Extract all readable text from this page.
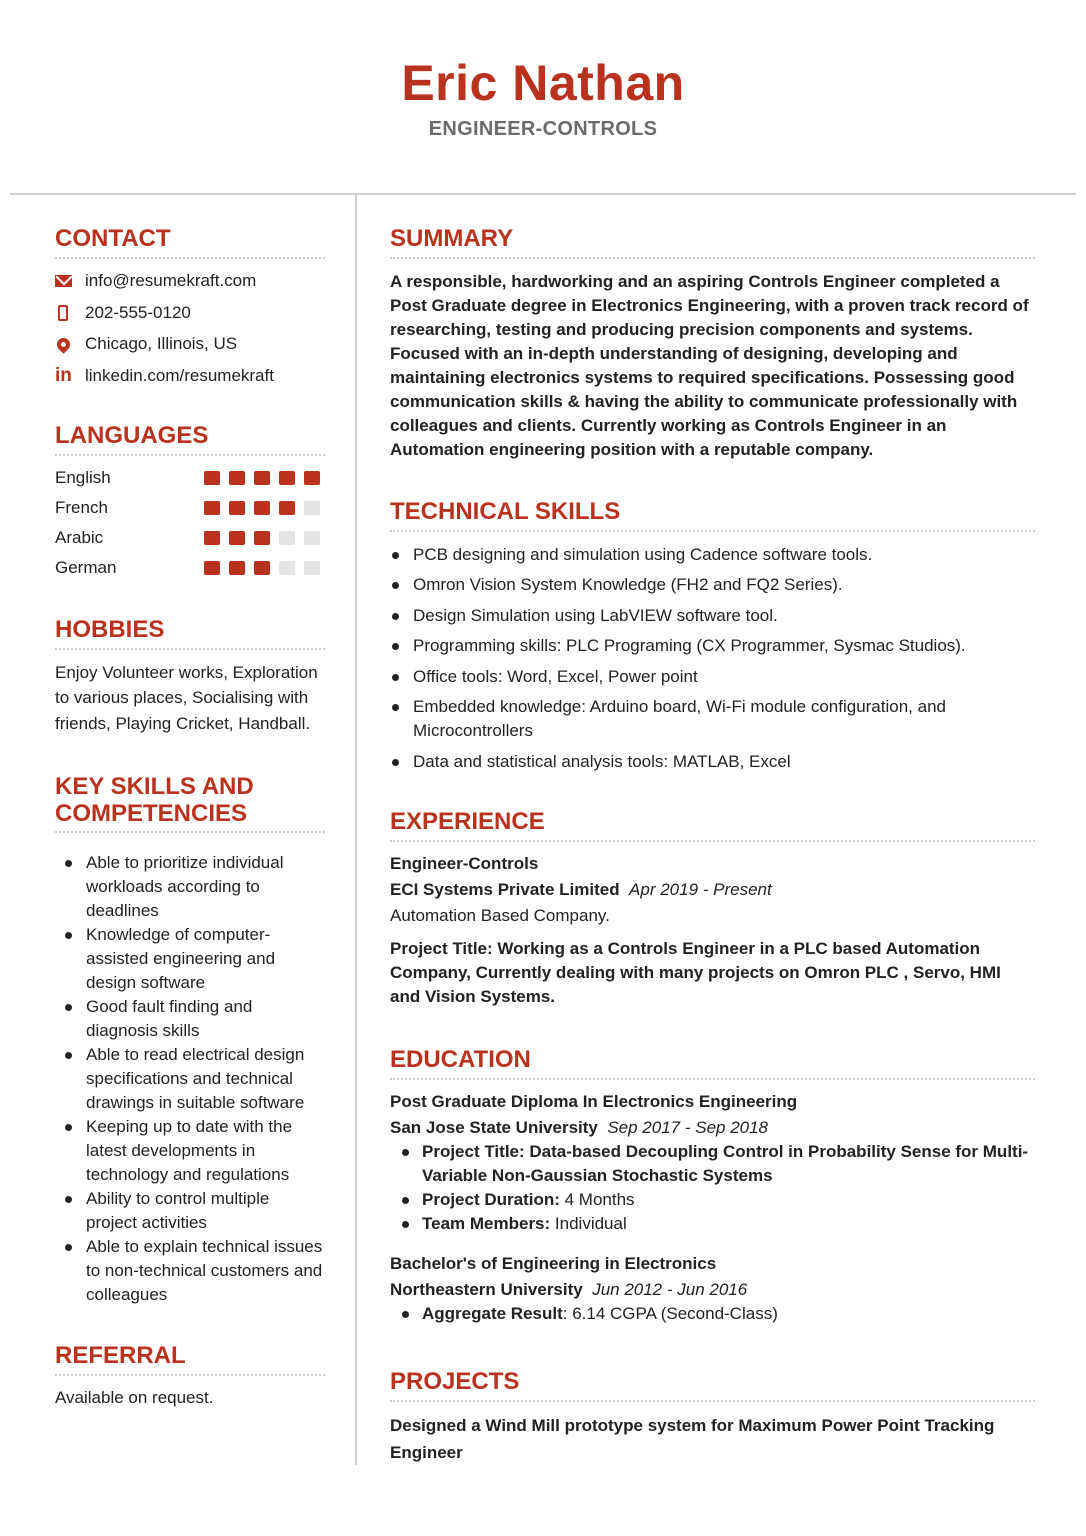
Eric Nathan
ENGINEER-CONTROLS
CONTACT
info@resumekraft.com
202-555-0120
Chicago, Illinois, US
in linkedin.com/resumekraft
LANGUAGES
English
French
Arabic
German
HOBBIES
Enjoy Volunteer works, Exploration to various places, Socialising with friends, Playing Cricket, Handball.
KEY SKILLS AND COMPETENCIES
Able to prioritize individual workloads according to deadlines
Knowledge of computer-assisted engineering and design software
Good fault finding and diagnosis skills
Able to read electrical design specifications and technical drawings in suitable software
Keeping up to date with the latest developments in technology and regulations
Ability to control multiple project activities
Able to explain technical issues to non-technical customers and colleagues
REFERRAL
Available on request.
SUMMARY
A responsible, hardworking and an aspiring Controls Engineer completed a Post Graduate degree in Electronics Engineering, with a proven track record of researching, testing and producing precision components and systems. Focused with an in-depth understanding of designing, developing and maintaining electronics systems to required specifications. Possessing good communication skills & having the ability to communicate professionally with colleagues and clients. Currently working as Controls Engineer in an Automation engineering position with a reputable company.
TECHNICAL SKILLS
PCB designing and simulation using Cadence software tools.
Omron Vision System Knowledge (FH2 and FQ2 Series).
Design Simulation using LabVIEW software tool.
Programming skills: PLC Programing (CX Programmer, Sysmac Studios).
Office tools: Word, Excel, Power point
Embedded knowledge: Arduino board, Wi-Fi module configuration, and Microcontrollers
Data and statistical analysis tools: MATLAB, Excel
EXPERIENCE
Engineer-Controls
ECI Systems Private Limited Apr 2019 - Present
Automation Based Company.
Project Title: Working as a Controls Engineer in a PLC based Automation Company, Currently dealing with many projects on Omron PLC , Servo, HMI and Vision Systems.
EDUCATION
Post Graduate Diploma In Electronics Engineering
San Jose State University Sep 2017 - Sep 2018
Project Title: Data-based Decoupling Control in Probability Sense for Multi-Variable Non-Gaussian Stochastic Systems
Project Duration: 4 Months
Team Members: Individual
Bachelor's of Engineering in Electronics
Northeastern University Jun 2012 - Jun 2016
Aggregate Result: 6.14 CGPA (Second-Class)
PROJECTS
Designed a Wind Mill prototype system for Maximum Power Point Tracking Engineer
